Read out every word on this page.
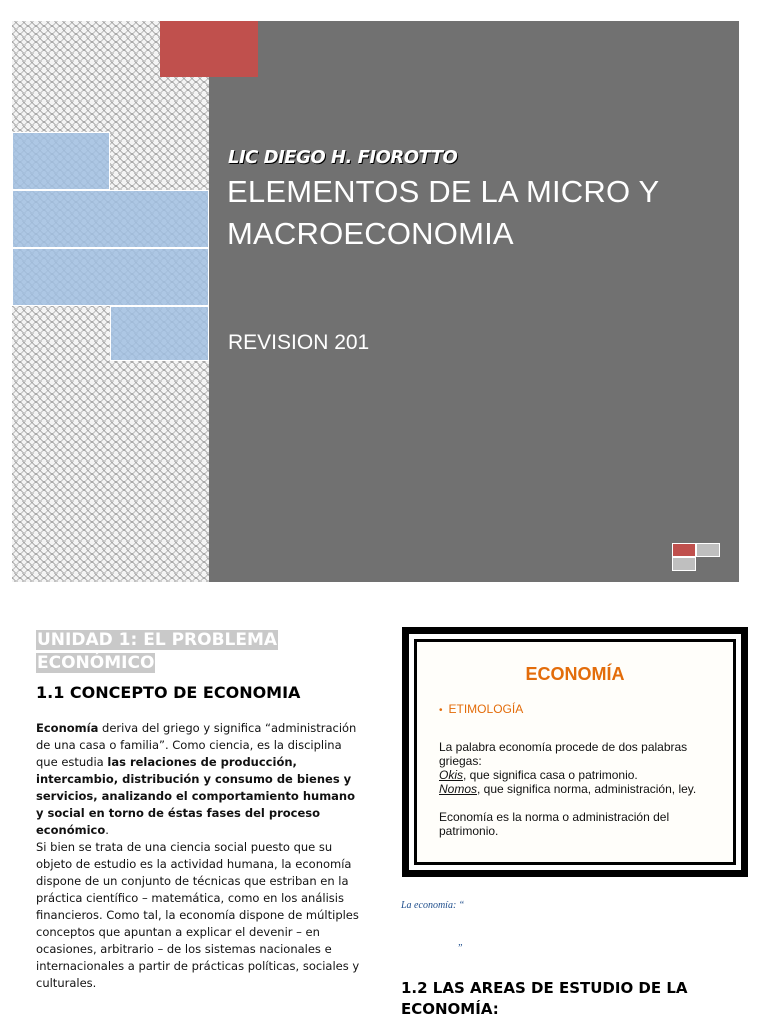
LIC DIEGO H. FIOROTTO

ELEMENTOS DE LA MICRO Y
MACROECONOMIA

REVISION 201

UNIDAD 1: EL PROBLEMA
ECONÓMICO
1.1 CONCEPTO DE ECONOMIA
Economía deriva del griego y significa “administración
de una casa o familia”. Como ciencia, es la disciplina
que estudia las relaciones de producción,
intercambio, distribución y consumo de bienes y
servicios, analizando el comportamiento humano
y social en torno de éstas fases del proceso
económico.
Si bien se trata de una ciencia social puesto que su
objeto de estudio es la actividad humana, la economía
dispone de un conjunto de técnicas que estriban en la
práctica científico – matemática, como en los análisis
financieros. Como tal, la economía dispone de múltiples
conceptos que apuntan a explicar el devenir – en
ocasiones, arbitrario – de los sistemas nacionales e
internacionales a partir de prácticas políticas, sociales y
culturales.
ECONOMÍA

• ETIMOLOGÍA

La palabra economía procede de dos palabras
griegas:
Okis, que significa casa o patrimonio.
Nomos, que significa norma, administración, ley.
Economía es la norma o administración del
patrimonio.

La economía: “

”

1.2 LAS AREAS DE ESTUDIO DE LA
ECONOMÍA:
